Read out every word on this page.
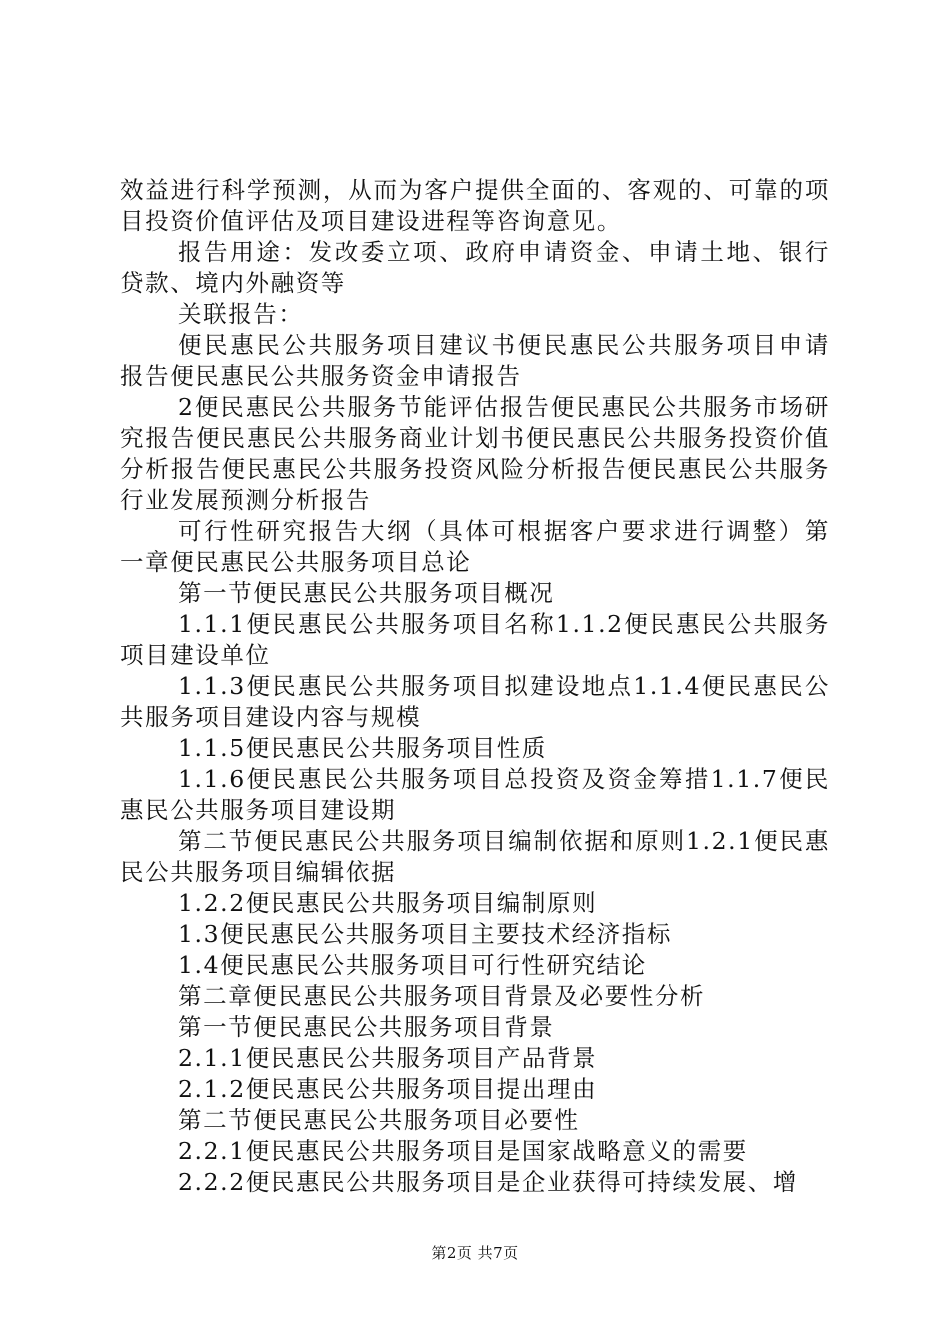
效益进行科学预测，从而为客户提供全面的、客观的、可靠的项目投资价值评估及项目建设进程等咨询意见。

报告用途：发改委立项、政府申请资金、申请土地、银行贷款、境内外融资等

关联报告：

便民惠民公共服务项目建议书便民惠民公共服务项目申请报告便民惠民公共服务资金申请报告

2便民惠民公共服务节能评估报告便民惠民公共服务市场研究报告便民惠民公共服务商业计划书便民惠民公共服务投资价值分析报告便民惠民公共服务投资风险分析报告便民惠民公共服务行业发展预测分析报告

可行性研究报告大纲（具体可根据客户要求进行调整）第一章便民惠民公共服务项目总论

第一节便民惠民公共服务项目概况

1.1.1便民惠民公共服务项目名称1.1.2便民惠民公共服务项目建设单位

1.1.3便民惠民公共服务项目拟建设地点1.1.4便民惠民公共服务项目建设内容与规模

1.1.5便民惠民公共服务项目性质

1.1.6便民惠民公共服务项目总投资及资金筹措1.1.7便民惠民公共服务项目建设期

第二节便民惠民公共服务项目编制依据和原则1.2.1便民惠民公共服务项目编辑依据

1.2.2便民惠民公共服务项目编制原则

1.3便民惠民公共服务项目主要技术经济指标

1.4便民惠民公共服务项目可行性研究结论

第二章便民惠民公共服务项目背景及必要性分析

第一节便民惠民公共服务项目背景

2.1.1便民惠民公共服务项目产品背景

2.1.2便民惠民公共服务项目提出理由

第二节便民惠民公共服务项目必要性

2.2.1便民惠民公共服务项目是国家战略意义的需要

2.2.2便民惠民公共服务项目是企业获得可持续发展、增

第2页 共7页
